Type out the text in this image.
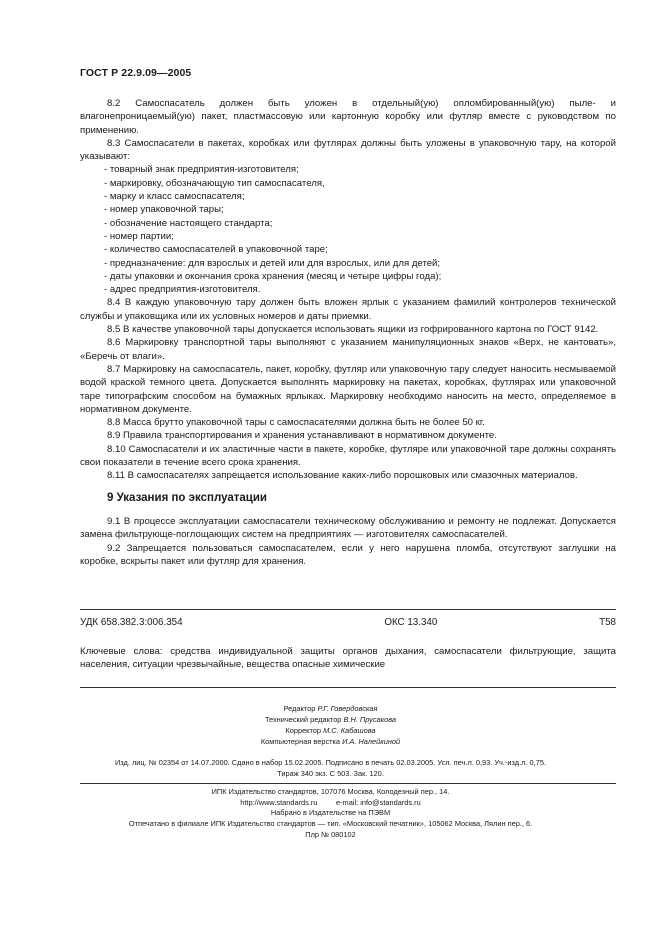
ГОСТ Р 22.9.09—2005

8.2 Самоспасатель должен быть уложен в отдельный(ую) опломбированный(ую) пыле- и влагонепроницаемый(ую) пакет, пластмассовую или картонную коробку или футляр вместе с руководством по применению.

8.3 Самоспасатели в пакетах, коробках или футлярах должны быть уложены в упаковочную тару, на которой указывают:

- товарный знак предприятия-изготовителя;

- маркировку, обозначающую тип самоспасателя,

- марку и класс самоспасателя;

- номер упаковочной тары;

- обозначение настоящего стандарта;

- номер партии;

- количество самоспасателей в упаковочной таре;

- предназначение: для взрослых и детей или для взрослых, или для детей;

- даты упаковки и окончания срока хранения (месяц и четыре цифры года);

- адрес предприятия-изготовителя.

8.4 В каждую упаковочную тару должен быть вложен ярлык с указанием фамилий контролеров технической службы и упаковщика или их условных номеров и даты приемки.

8.5 В качестве упаковочной тары допускается использовать ящики из гофрированного картона по ГОСТ 9142.

8.6 Маркировку транспортной тары выполняют с указанием манипуляционных знаков «Верх, не кантовать», «Беречь от влаги».

8.7 Маркировку на самоспасатель, пакет, коробку, футляр или упаковочную тару следует наносить несмываемой водой краской темного цвета. Допускается выполнять маркировку на пакетах, коробках, футлярах или упаковочной таре типографским способом на бумажных ярлыках. Маркировку необходимо наносить на место, определяемое в нормативном документе.

8.8 Масса брутто упаковочной тары с самоспасателями должна быть не более 50 кг.

8.9 Правила транспортирования и хранения устанавливают в нормативном документе.

8.10 Самоспасатели и их эластичные части в пакете, коробке, футляре или упаковочной таре должны сохранять свои показатели в течение всего срока хранения.

8.11 В самоспасателях запрещается использование каких-либо порошковых или смазочных материалов.

9 Указания по эксплуатации

9.1 В процессе эксплуатации самоспасатели техническому обслуживанию и ремонту не подлежат. Допускается замена фильтрующе-поглощающих систем на предприятиях — изготовителях самоспасателей.

9.2 Запрещается пользоваться самоспасателем, если у него нарушена пломба, отсутствуют заглушки на коробке, вскрыты пакет или футляр для хранения.

УДК 658.382.3:006.354	ОКС 13.340	Т58
Ключевые слова: средства индивидуальной защиты органов дыхания, самоспасатели фильтрующие, защита населения, ситуации чрезвычайные, вещества опасные химические
Редактор Р.Г. Говердовская
Технический редактор В.Н. Прусакова
Корректор М.С. Кабашова
Компьютерная верстка И.А. Налейкиной
Изд. лиц. № 02354 от 14.07.2000. Сдано в набор 15.02.2005. Подписано в печать 02.03.2005. Усл. печ.л. 0,93. Уч.-изд.л. 0,75.
Тираж 340 экз. С 503. Зак. 120.
ИПК Издательство стандартов, 107076 Москва, Колодезный пер., 14.
http://www.standards.ru e-mail: info@standards.ru
Набрано в Издательстве на ПЭВМ
Отпечатано в филиале ИПК Издательство стандартов — тип. «Московский печатник», 105062 Москва, Лялин пер., 6.
Плр № 080102
